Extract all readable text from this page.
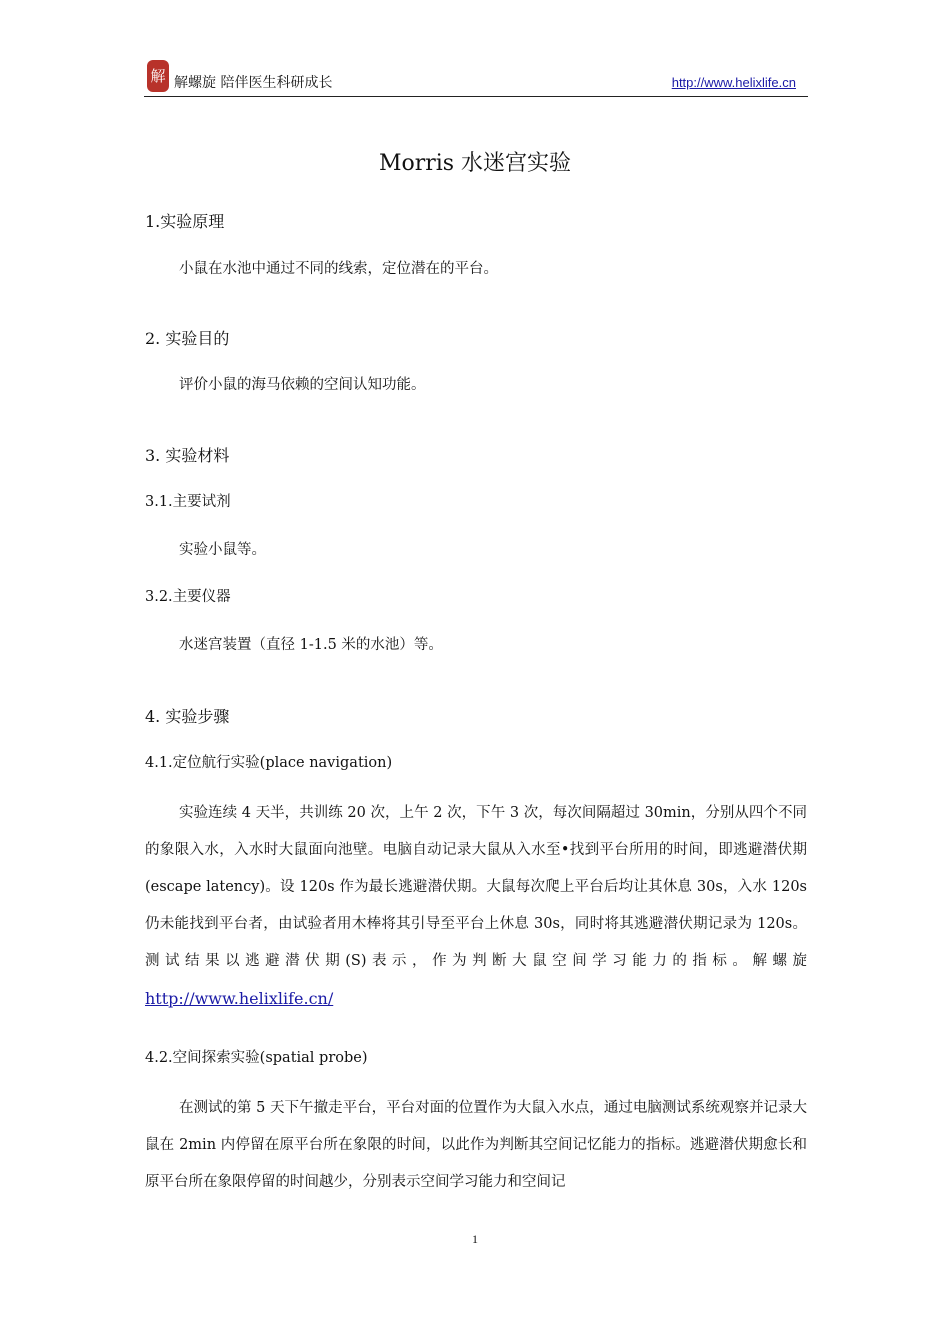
解 解螺旋 陪伴医生科研成长	http://www.helixlife.cn
Morris 水迷宫实验
1.实验原理
小鼠在水池中通过不同的线索，定位潜在的平台。
2. 实验目的
评价小鼠的海马依赖的空间认知功能。
3. 实验材料
3.1.主要试剂
实验小鼠等。
3.2.主要仪器
水迷宫装置（直径 1-1.5 米的水池）等。
4. 实验步骤
4.1.定位航行实验(place navigation)
实验连续 4 天半，共训练 20 次，上午 2 次，下午 3 次，每次间隔超过 30min，分别从四个不同的象限入水，入水时大鼠面向池壁。电脑自动记录大鼠从入水至•找到平台所用的时间，即逃避潜伏期(escape latency)。设 120s 作为最长逃避潜伏期。大鼠每次爬上平台后均让其休息 30s，入水 120s 仍未能找到平台者，由试验者用木棒将其引导至平台上休息 30s，同时将其逃避潜伏期记录为 120s。测试结果以逃避潜伏期(S)表示，作为判断大鼠空间学习能力的指标。解螺旋 http://www.helixlife.cn/
4.2.空间探索实验(spatial probe)
在测试的第 5 天下午撤走平台，平台对面的位置作为大鼠入水点，通过电脑测试系统观察并记录大鼠在 2min 内停留在原平台所在象限的时间，以此作为判断其空间记忆能力的指标。逃避潜伏期愈长和原平台所在象限停留的时间越少，分别表示空间学习能力和空间记
1
